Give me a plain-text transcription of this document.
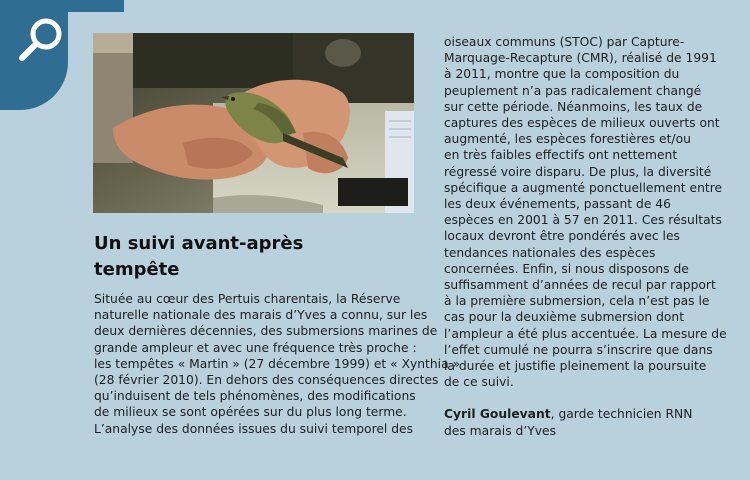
Un suivi avant-après
tempête
Située au cœur des Pertuis charentais, la Réserve
naturelle nationale des marais d’Yves a connu, sur les
deux dernières décennies, des submersions marines de
grande ampleur et avec une fréquence très proche :
les tempêtes « Martin » (27 décembre 1999) et « Xynthia »
(28 février 2010). En dehors des conséquences directes
qu’induisent de tels phénomènes, des modifications
de milieux se sont opérées sur du plus long terme.
L’analyse des données issues du suivi temporel des
oiseaux communs (STOC) par Capture-
Marquage-Recapture (CMR), réalisé de 1991
à 2011, montre que la composition du
peuplement n’a pas radicalement changé
sur cette période. Néanmoins, les taux de
captures des espèces de milieux ouverts ont
augmenté, les espèces forestières et/ou
en très faibles effectifs ont nettement
régressé voire disparu. De plus, la diversité
spécifique a augmenté ponctuellement entre
les deux événements, passant de 46
espèces en 2001 à 57 en 2011. Ces résultats
locaux devront être pondérés avec les
tendances nationales des espèces
concernées. Enfin, si nous disposons de
suffisamment d’années de recul par rapport
à la première submersion, cela n’est pas le
cas pour la deuxième submersion dont
l’ampleur a été plus accentuée. La mesure de
l’effet cumulé ne pourra s’inscrire que dans
la durée et justifie pleinement la poursuite
de ce suivi.
Cyril Goulevant, garde technicien RNN
des marais d’Yves
